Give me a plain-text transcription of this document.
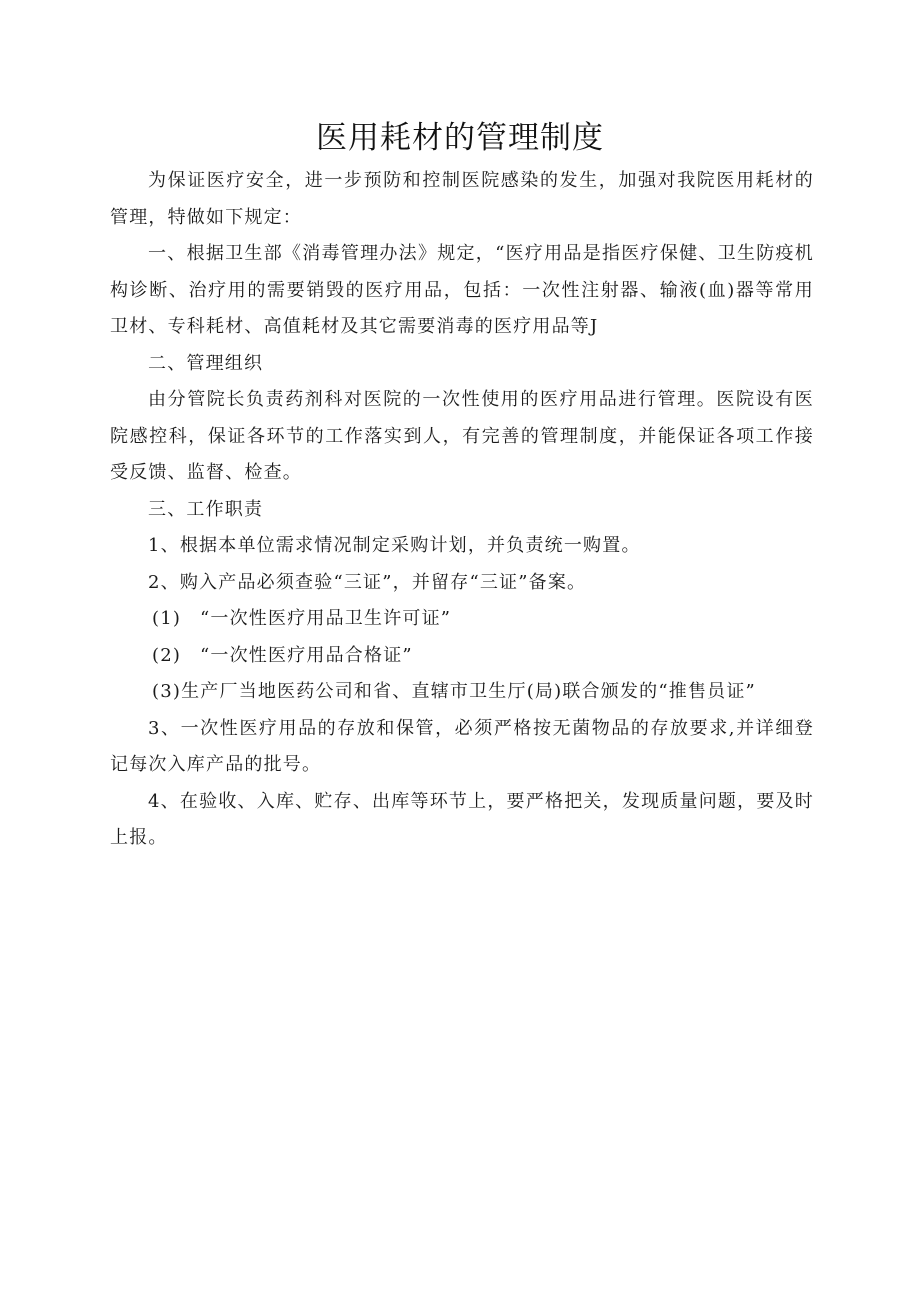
医用耗材的管理制度

为保证医疗安全，进一步预防和控制医院感染的发生，加强对我院医用耗材的管理，特做如下规定：

一、根据卫生部《消毒管理办法》规定，“医疗用品是指医疗保健、卫生防疫机构诊断、治疗用的需要销毁的医疗用品，包括：一次性注射器、输液(血)器等常用卫材、专科耗材、高值耗材及其它需要消毒的医疗用品等J

二、管理组织

由分管院长负责药剂科对医院的一次性使用的医疗用品进行管理。医院设有医院感控科，保证各环节的工作落实到人，有完善的管理制度，并能保证各项工作接受反馈、监督、检查。

三、工作职责

1、根据本单位需求情况制定采购计划，并负责统一购置。

2、购入产品必须查验“三证”，并留存“三证”备案。

(1) “一次性医疗用品卫生许可证”

(2) “一次性医疗用品合格证”

(3)生产厂当地医药公司和省、直辖市卫生厅(局)联合颁发的“推售员证”

3、一次性医疗用品的存放和保管，必须严格按无菌物品的存放要求,并详细登记每次入库产品的批号。

4、在验收、入库、贮存、出库等环节上，要严格把关，发现质量问题，要及时上报。
